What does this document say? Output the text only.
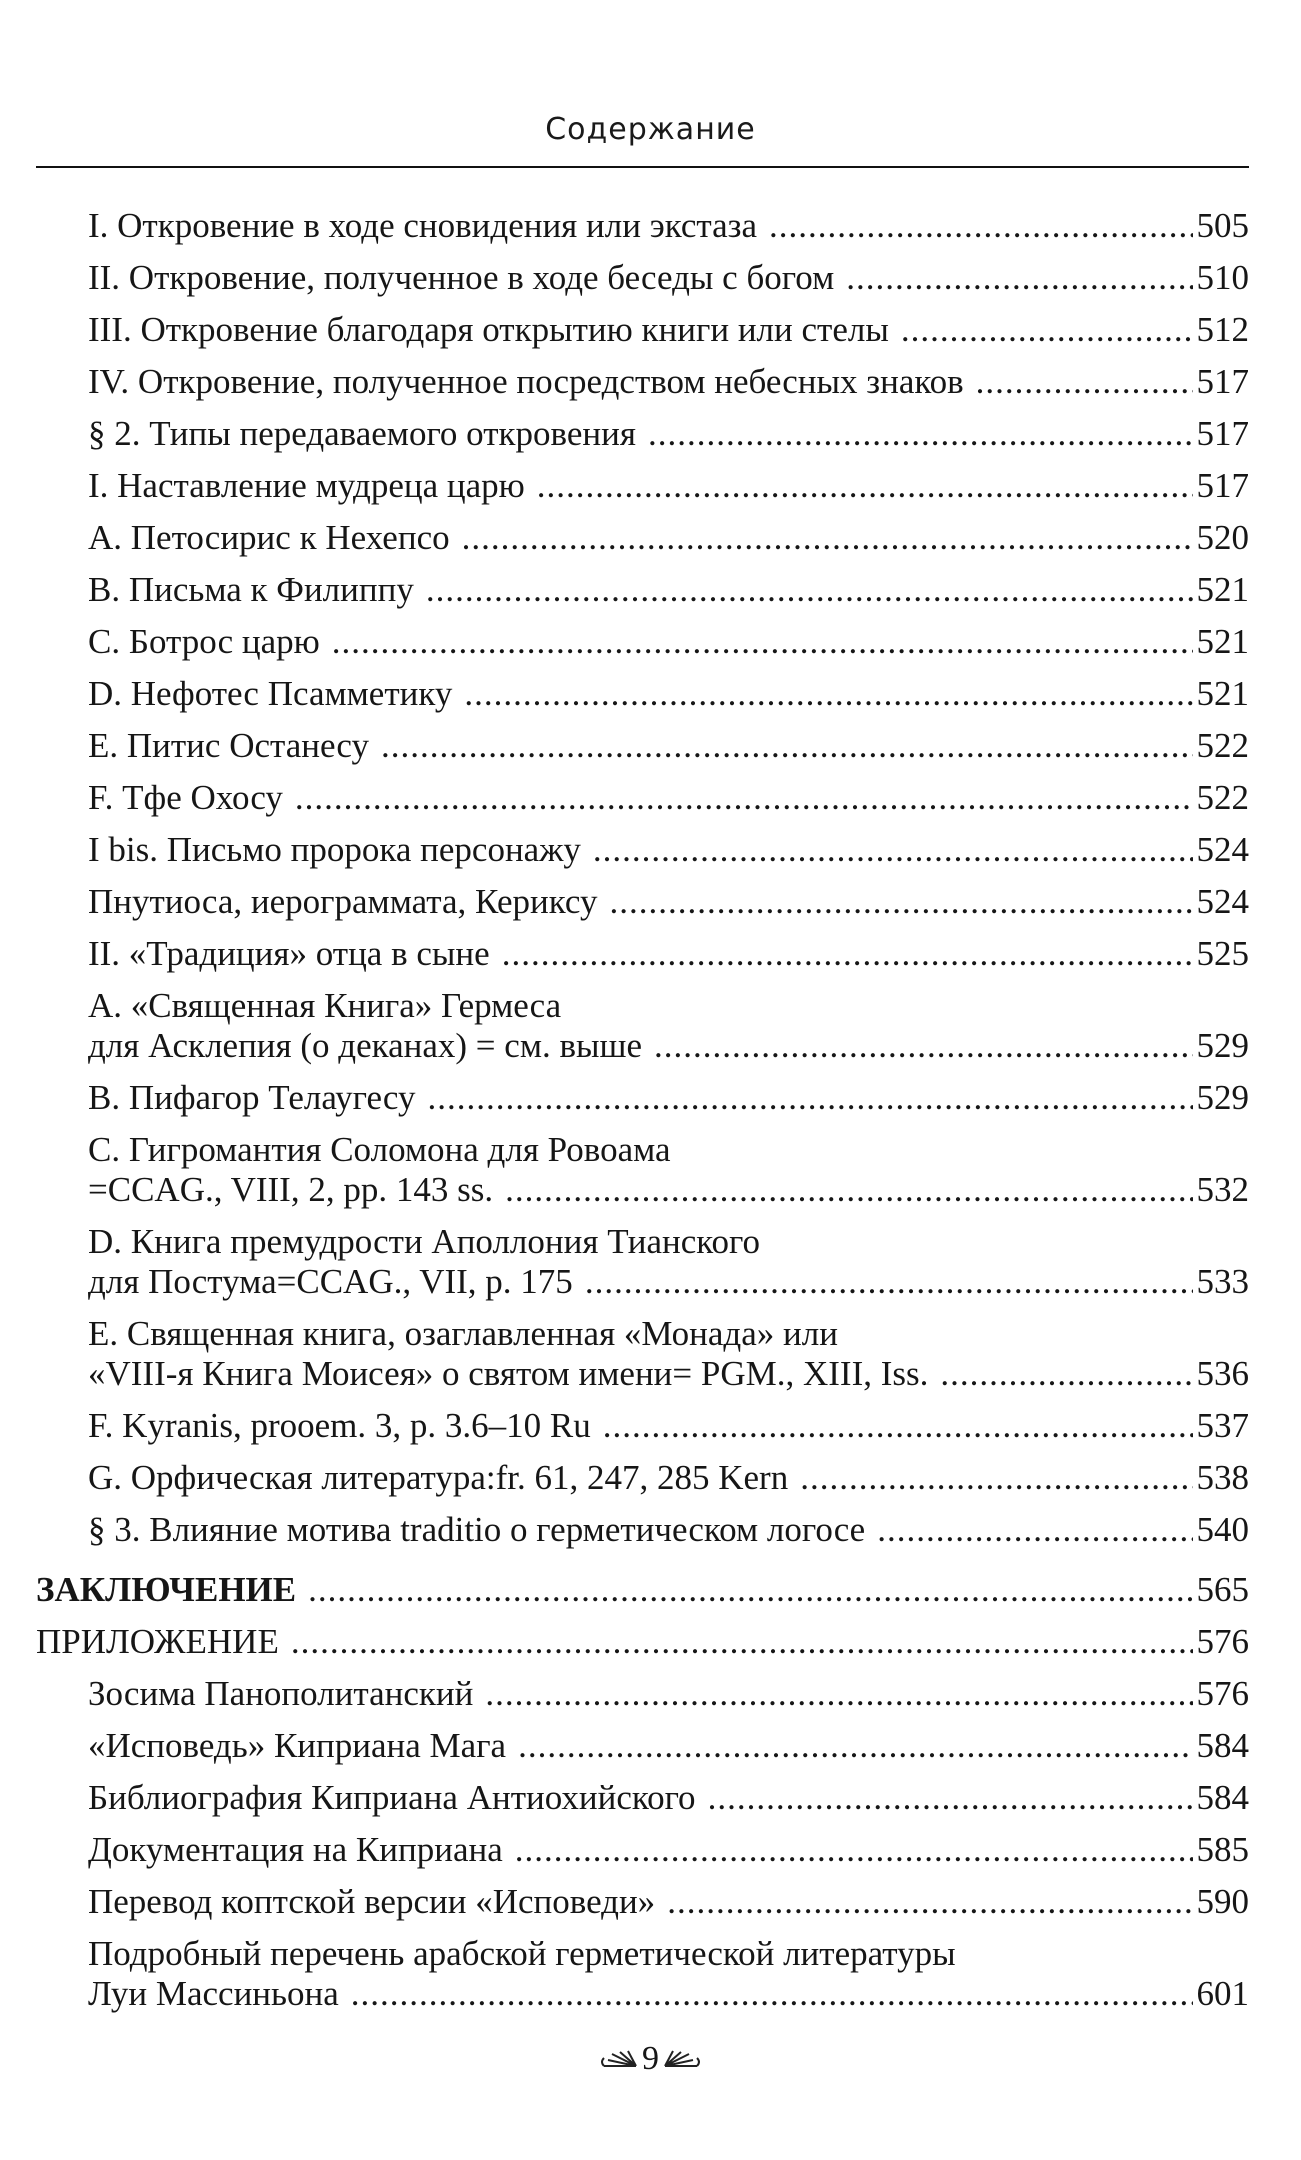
Содержание
I. Откровение в ходе сновидения или экстаза .....	505
II. Откровение, полученное в ходе беседы с богом .....	510
III. Откровение благодаря открытию книги или стелы .....	512
IV. Откровение, полученное посредством небесных знаков .....	517
§ 2. Типы передаваемого откровения .....	517
I. Наставление мудреца царю .....	517
A. Петосирис к Нехепсо .....	520
B. Письма к Филиппу .....	521
C. Ботрос царю .....	521
D. Нефотес Псамметику .....	521
E. Питис Останесу .....	522
F. Тфе Охосу .....	522
I bis. Письмо пророка персонажу .....	524
Пнутиоса, иерограммата, Кериксу .....	524
II. «Традиция» отца в сыне .....	525
A. «Священная Книга» Гермеса
для Асклепия (о деканах) = см. выше .....	529
B. Пифагор Телаугесу .....	529
C. Гигромантия Соломона для Ровоама
=CCAG., VIII, 2, pp. 143 ss. .....	532
D. Книга премудрости Аполлония Тианского
для Постума=CCAG., VII, p. 175 .....	533
E. Священная книга, озаглавленная «Монада» или
«VIII-я Книга Моисея» о святом имени= PGM., XIII, Iss. .....	536
F. Kyranis, prooem. 3, p. 3.6–10 Ru .....	537
G. Орфическая литература:fr. 61, 247, 285 Kern .....	538
§ 3. Влияние мотива traditio о герметическом логосе .....	540
ЗАКЛЮЧЕНИЕ .....	565
ПРИЛОЖЕНИЕ .....	576
Зосима Панополитанский .....	576
«Исповедь» Киприана Мага .....	584
Библиография Киприана Антиохийского .....	584
Документация на Киприана .....	585
Перевод коптской версии «Исповеди» .....	590
Подробный перечень арабской герметической литературы
Луи Массиньона .....	601
9
